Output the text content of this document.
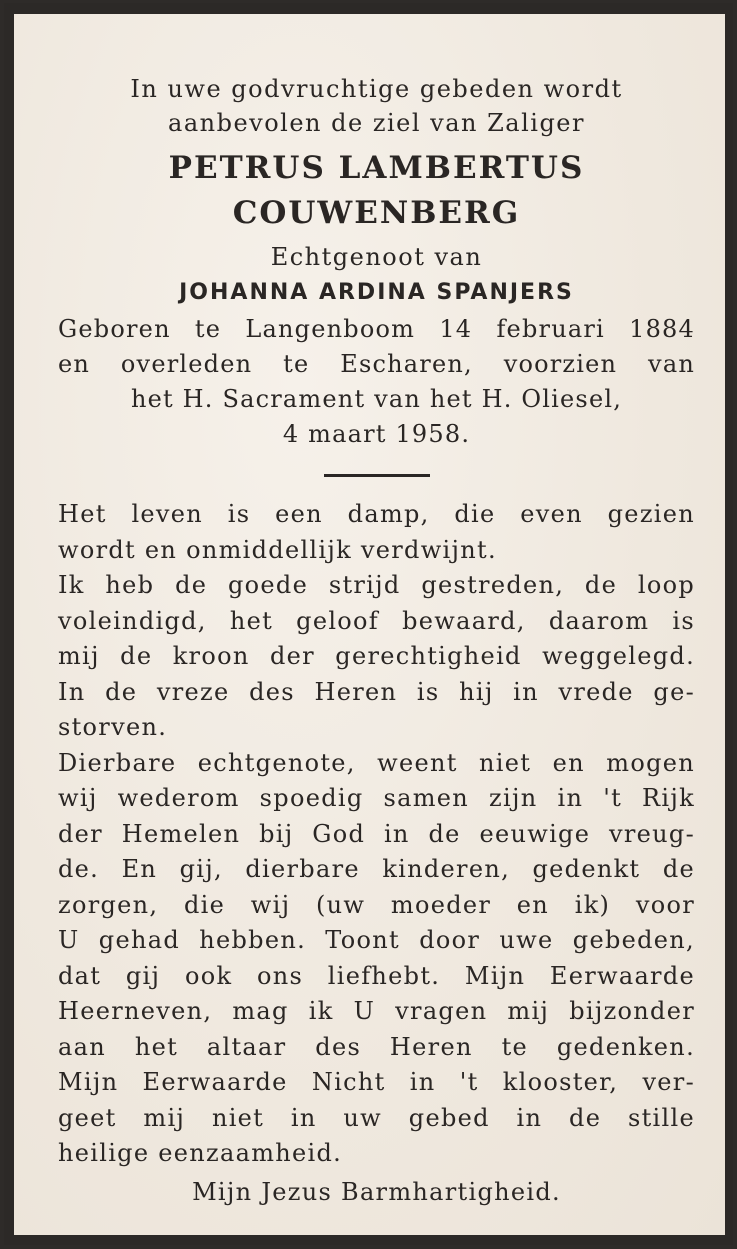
In uwe godvruchtige gebeden wordt

aanbevolen de ziel van Zaliger

PETRUS LAMBERTUS

COUWENBERG

Echtgenoot van

JOHANNA ARDINA SPANJERS

Geboren te Langenboom 14 februari 1884

en overleden te Escharen, voorzien van

het H. Sacrament van het H. Oliesel,

4 maart 1958.

Het leven is een damp, die even gezien
wordt en onmiddellijk verdwijnt.

Ik heb de goede strijd gestreden, de loop
voleindigd, het geloof bewaard, daarom is
mij de kroon der gerechtigheid weggelegd.

In de vreze des Heren is hij in vrede ge-
storven.

Dierbare echtgenote, weent niet en mogen
wij wederom spoedig samen zijn in 't Rijk
der Hemelen bij God in de eeuwige vreug-
de. En gij, dierbare kinderen, gedenkt de
zorgen, die wij (uw moeder en ik) voor
U gehad hebben. Toont door uwe gebeden,
dat gij ook ons liefhebt. Mijn Eerwaarde
Heerneven, mag ik U vragen mij bijzonder
aan het altaar des Heren te gedenken.
Mijn Eerwaarde Nicht in 't klooster, ver-
geet mij niet in uw gebed in de stille
heilige eenzaamheid.

Mijn Jezus Barmhartigheid.
